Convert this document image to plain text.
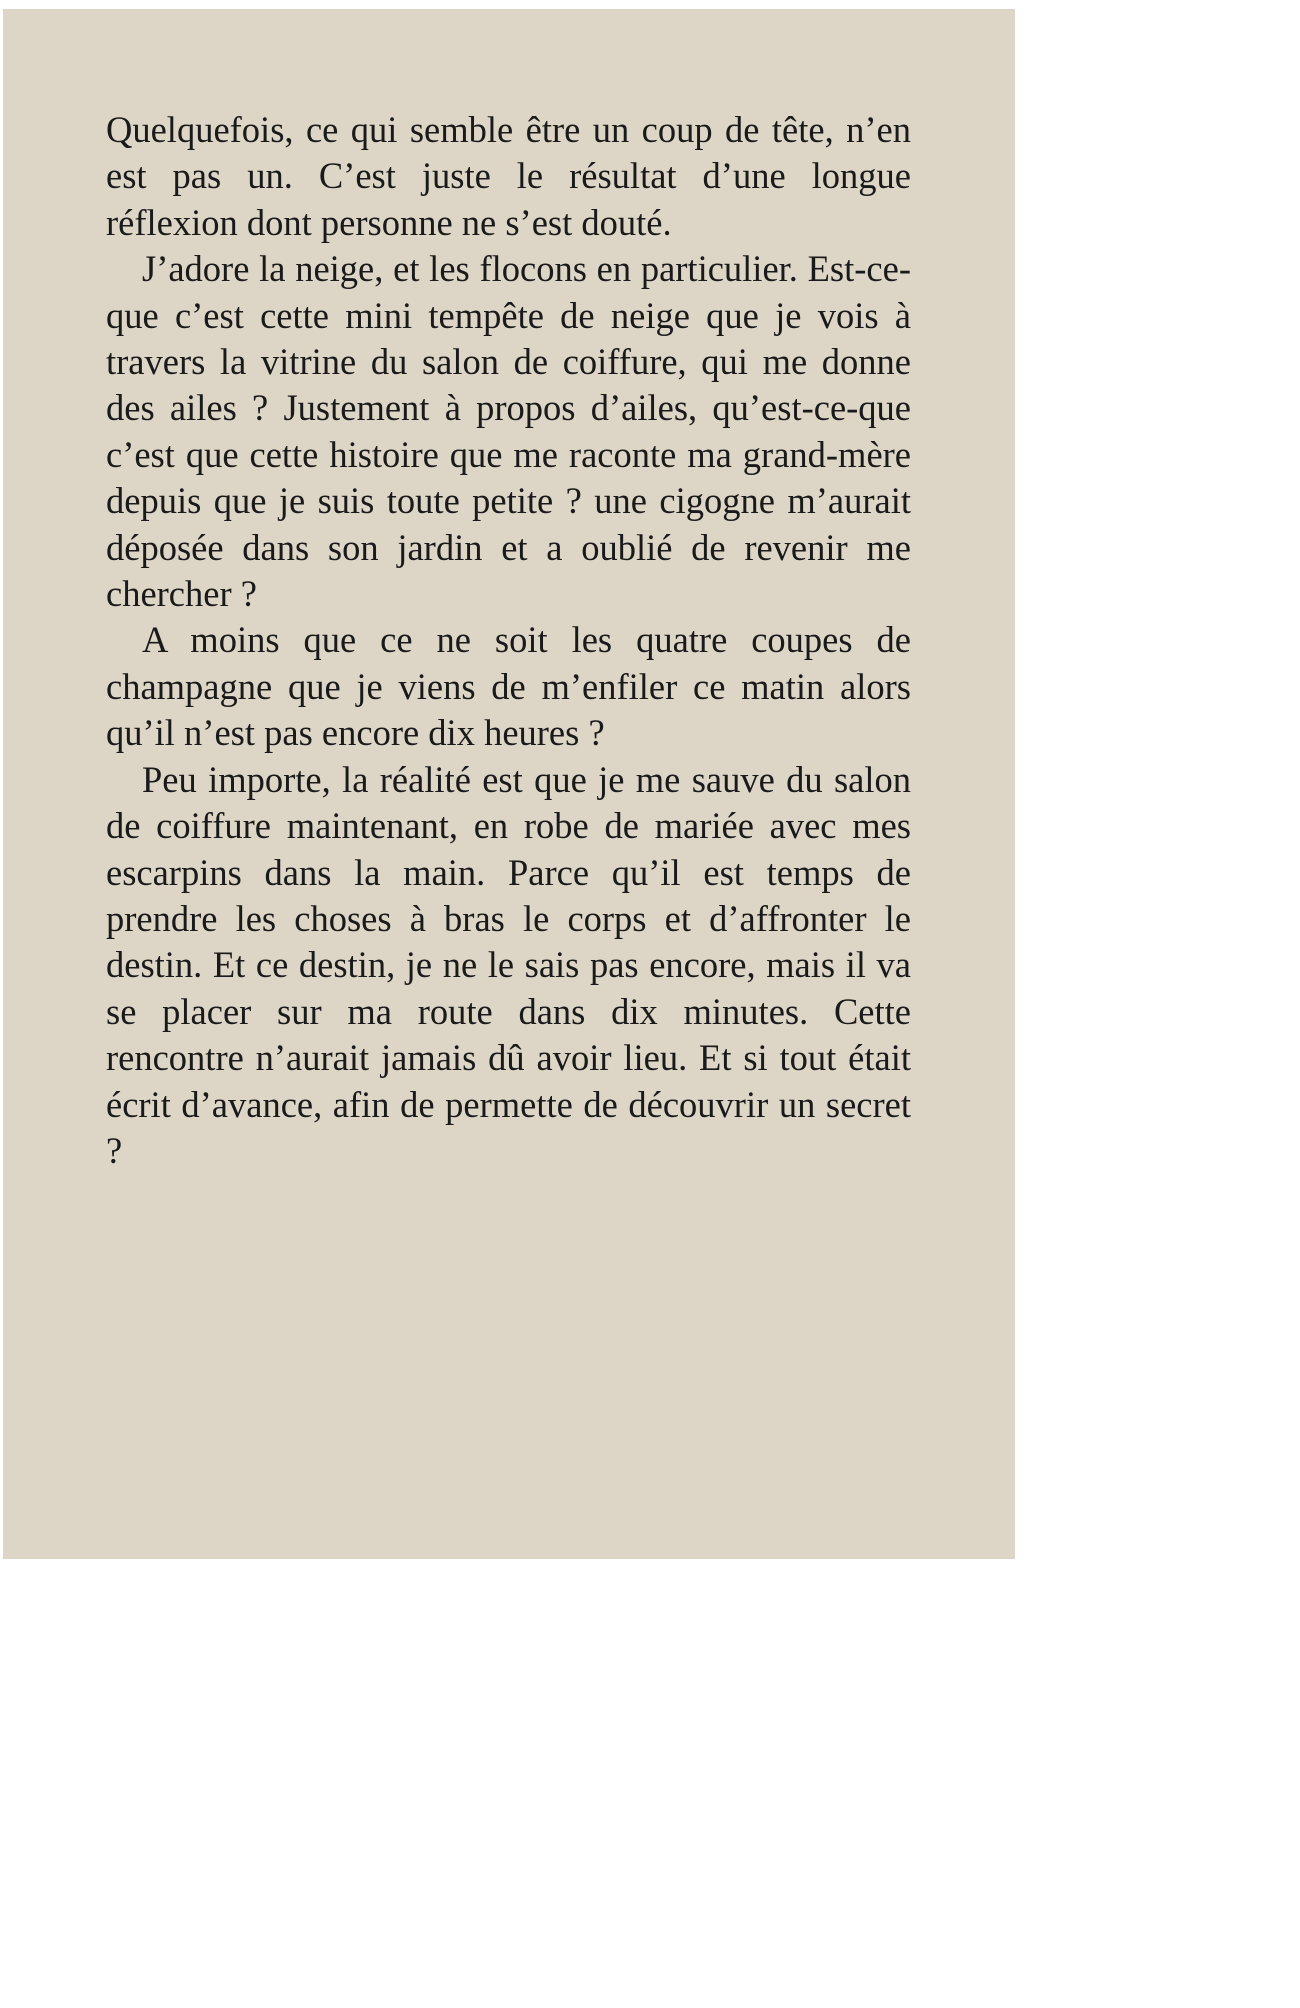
Quelquefois, ce qui semble être un coup de tête, n’en est pas un. C’est juste le résultat d’une longue réflexion dont personne ne s’est douté.

J’adore la neige, et les flocons en particulier. Est-ce-que c’est cette mini tempête de neige que je vois à travers la vitrine du salon de coiffure, qui me donne des ailes ? Justement à propos d’ailes, qu’est-ce-que c’est que cette histoire que me raconte ma grand-mère depuis que je suis toute petite ? une cigogne m’aurait déposée dans son jardin et a oublié de revenir me chercher ?

A moins que ce ne soit les quatre coupes de champagne que je viens de m’enfiler ce matin alors qu’il n’est pas encore dix heures ?

Peu importe, la réalité est que je me sauve du salon de coiffure maintenant, en robe de mariée avec mes escarpins dans la main. Parce qu’il est temps de prendre les choses à bras le corps et d’affronter le destin. Et ce destin, je ne le sais pas encore, mais il va se placer sur ma route dans dix minutes. Cette rencontre n’aurait jamais dû avoir lieu. Et si tout était écrit d’avance, afin de permette de découvrir un secret ?
